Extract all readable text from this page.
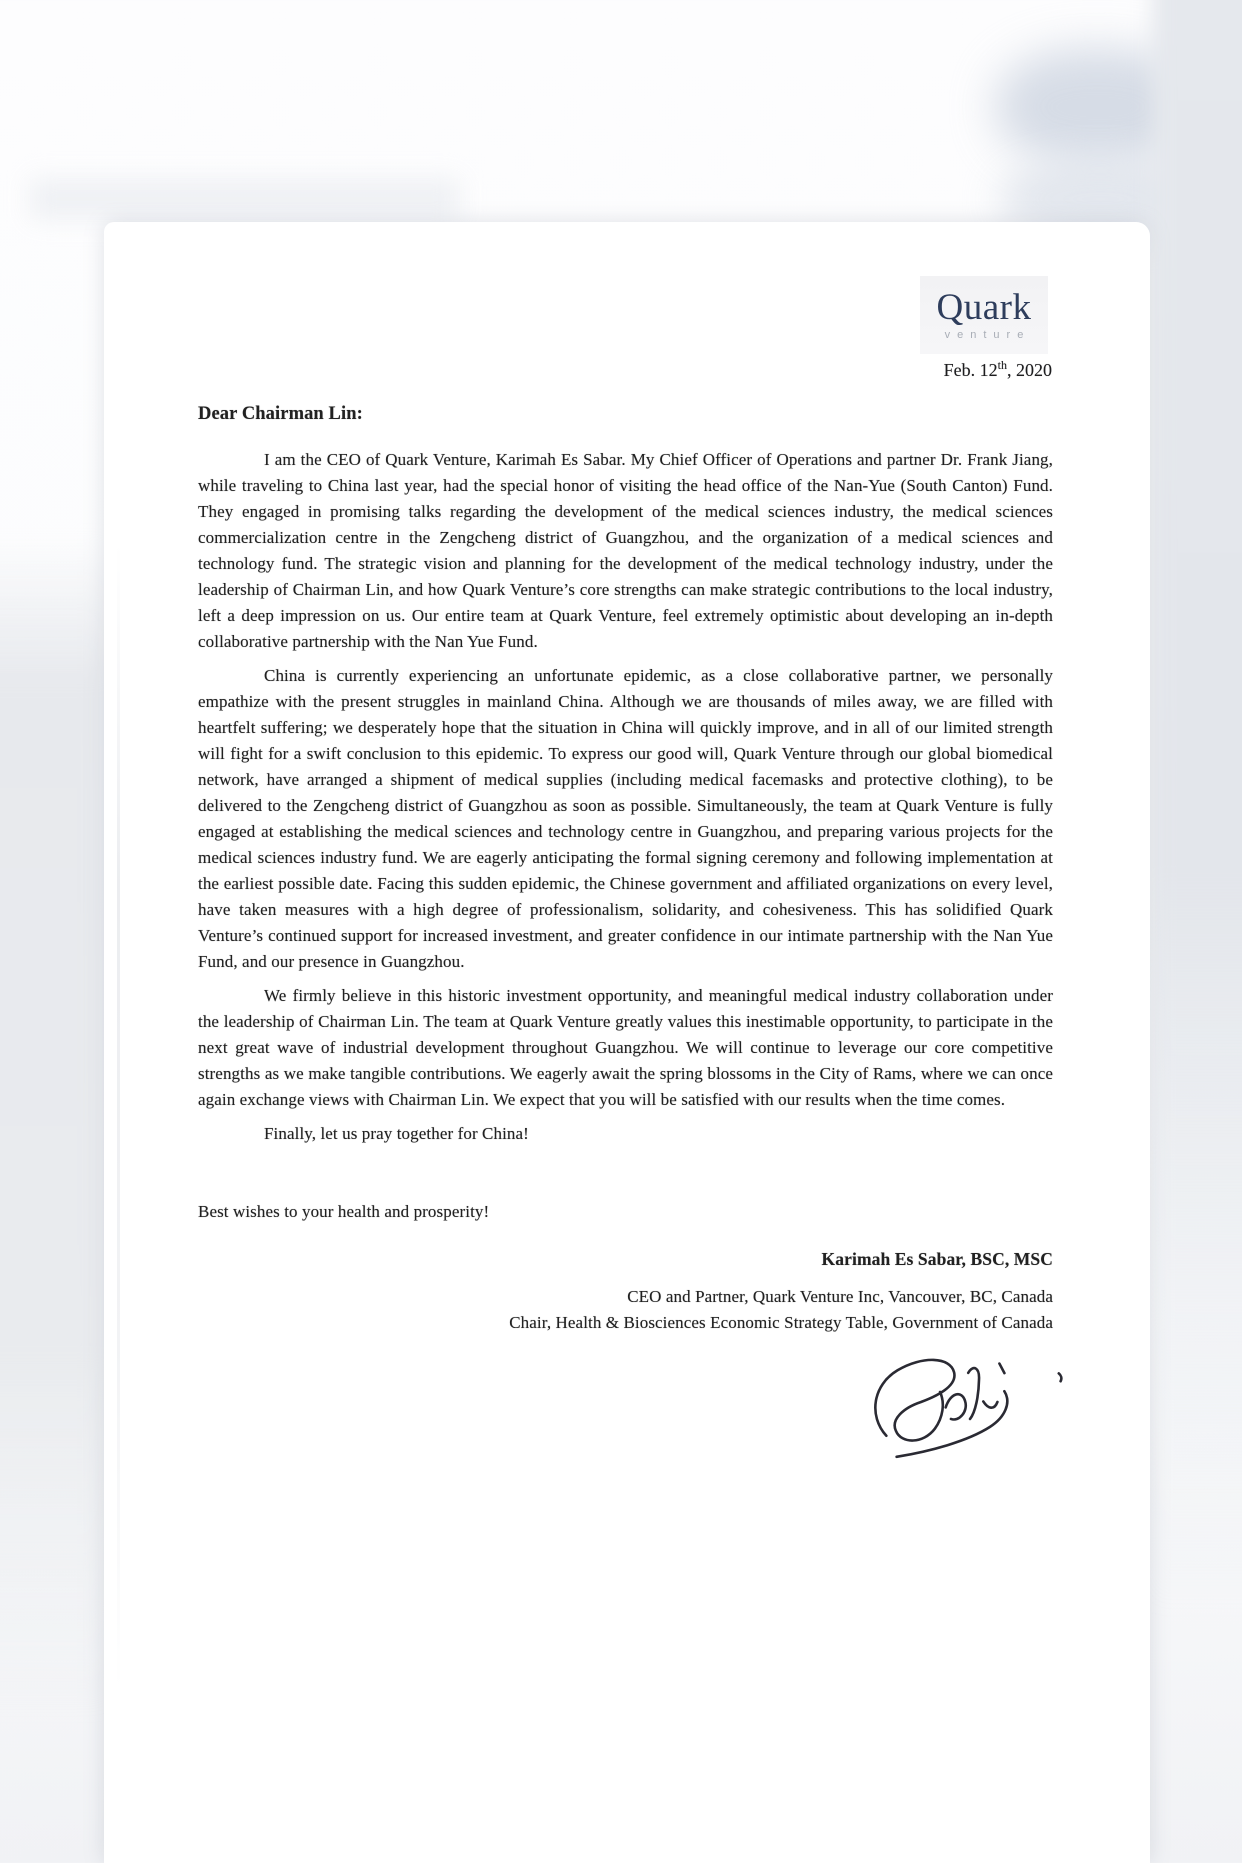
Quark
venture
Feb. 12th, 2020

Dear Chairman Lin:

I am the CEO of Quark Venture, Karimah Es Sabar. My Chief Officer of Operations and partner Dr. Frank Jiang, while traveling to China last year, had the special honor of visiting the head office of the Nan-Yue (South Canton) Fund. They engaged in promising talks regarding the development of the medical sciences industry, the medical sciences commercialization centre in the Zengcheng district of Guangzhou, and the organization of a medical sciences and technology fund. The strategic vision and planning for the development of the medical technology industry, under the leadership of Chairman Lin, and how Quark Venture’s core strengths can make strategic contributions to the local industry, left a deep impression on us. Our entire team at Quark Venture, feel extremely optimistic about developing an in-depth collaborative partnership with the Nan Yue Fund.

China is currently experiencing an unfortunate epidemic, as a close collaborative partner, we personally empathize with the present struggles in mainland China. Although we are thousands of miles away, we are filled with heartfelt suffering; we desperately hope that the situation in China will quickly improve, and in all of our limited strength will fight for a swift conclusion to this epidemic. To express our good will, Quark Venture through our global biomedical network, have arranged a shipment of medical supplies (including medical facemasks and protective clothing), to be delivered to the Zengcheng district of Guangzhou as soon as possible. Simultaneously, the team at Quark Venture is fully engaged at establishing the medical sciences and technology centre in Guangzhou, and preparing various projects for the medical sciences industry fund. We are eagerly anticipating the formal signing ceremony and following implementation at the earliest possible date. Facing this sudden epidemic, the Chinese government and affiliated organizations on every level, have taken measures with a high degree of professionalism, solidarity, and cohesiveness. This has solidified Quark Venture’s continued support for increased investment, and greater confidence in our intimate partnership with the Nan Yue Fund, and our presence in Guangzhou.

We firmly believe in this historic investment opportunity, and meaningful medical industry collaboration under the leadership of Chairman Lin. The team at Quark Venture greatly values this inestimable opportunity, to participate in the next great wave of industrial development throughout Guangzhou. We will continue to leverage our core competitive strengths as we make tangible contributions. We eagerly await the spring blossoms in the City of Rams, where we can once again exchange views with Chairman Lin. We expect that you will be satisfied with our results when the time comes.

Finally, let us pray together for China!

Best wishes to your health and prosperity!
Karimah Es Sabar, BSC, MSC
CEO and Partner, Quark Venture Inc, Vancouver, BC, Canada
Chair, Health & Biosciences Economic Strategy Table, Government of Canada
